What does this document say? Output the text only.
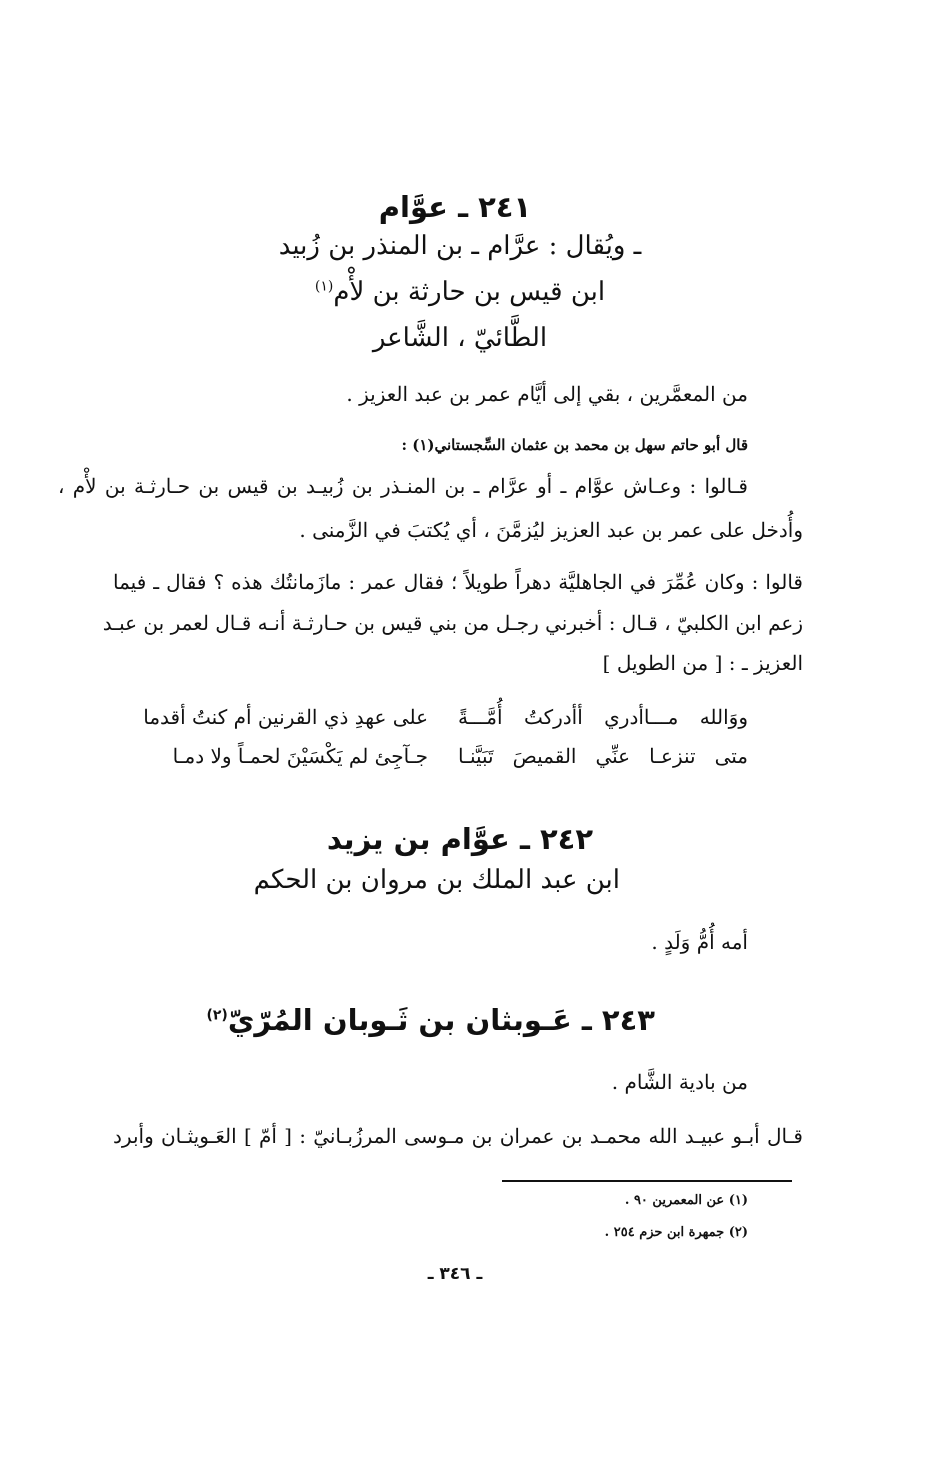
٢٤١ ـ عوَّام
ـ ويُقال : عرَّام ـ بن المنذر بن زُبيد
ابن قيس بن حارثة بن لأْم$^{(١)}$
الطَّائيّ ، الشَّاعر
من المعمَّرين ، بقي إلى أيَّام عمر بن عبد العزيز .
قال أبو حاتم سهل بن محمد بن عثمان السِّجستاني(١) :
قـالوا : وعـاش عوَّام ـ أو عرَّام ـ بن المنـذر بن زُبيـد بن قيس بن حـارثـة بن لأْم ،
وأُدخل على عمر بن عبد العزيز ليُزمَّنَ ، أي يُكتبَ في الزَّمنى .
قالوا : وكان عُمِّرَ في الجاهليَّة دهراً طويلاً ؛ فقال عمر : مازَمانتُك هذه ؟ فقال ـ فيما
زعم ابن الكلبيّ ، قـال : أخبرني رجـل من بني قيس بن حـارثـة أنـه قـال لعمر بن عبـد
العزيز ـ : [ من الطويل ]
ووَالله مـــاأدري أأدركتُ أُمَّـــةً
على عهدِ ذي القرنين أم كنتُ أقدما
متى تنزعـا عنِّي القميصَ تَبَيَّنـا
جـآجِئ لم يَكْسَيْنَ لحمـاً ولا دمـا
٢٤٢ ـ عوَّام بن يزيد
ابن عبد الملك بن مروان بن الحكم
أمه أُمُّ وَلَدٍ .
٢٤٣ ـ عَـوبثان بن ثَـوبان المُرّيّ$^{(٢)}$
من بادية الشَّام .
قـال أبـو عبيـد الله محمـد بن عمران بن مـوسى المرزُبـانيّ : [ أمّ ] العَـويثـان وأبرد
(١) عن المعمرين ٩٠ .
(٢) جمهرة ابن حزم ٢٥٤ .
ـ ٣٤٦ ـ
